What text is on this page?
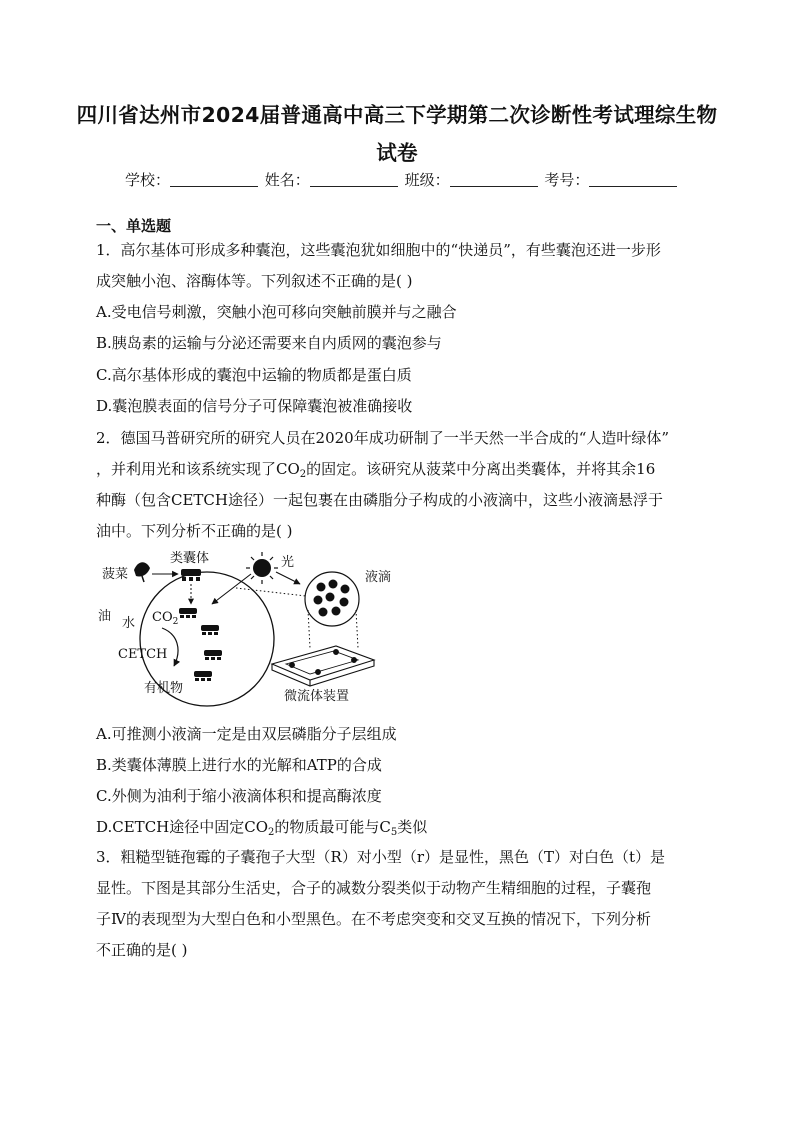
四川省达州市2024届普通高中高三下学期第二次诊断性考试理综生物
试卷
学校：	姓名：	班级：	考号：
一、单选题
1．高尔基体可形成多种囊泡，这些囊泡犹如细胞中的“快递员”，有些囊泡还进一步形
成突触小泡、溶酶体等。下列叙述不正确的是( )
A.受电信号刺激，突触小泡可移向突触前膜并与之融合
B.胰岛素的运输与分泌还需要来自内质网的囊泡参与
C.高尔基体形成的囊泡中运输的物质都是蛋白质
D.囊泡膜表面的信号分子可保障囊泡被准确接收
2．德国马普研究所的研究人员在2020年成功研制了一半天然一半合成的“人造叶绿体”
，并利用光和该系统实现了$CO_2$的固定。该研究从菠菜中分离出类囊体，并将其余16
种酶（包含CETCH途径）一起包裹在由磷脂分子构成的小液滴中，这些小液滴悬浮于
油中。下列分析不正确的是( )
菠菜
类囊体	光
液滴
油 水 $CO_2$
CETCH
有机物
微流体装置
A.可推测小液滴一定是由双层磷脂分子层组成
B.类囊体薄膜上进行水的光解和ATP的合成
C.外侧为油利于缩小液滴体积和提高酶浓度
D.CETCH途径中固定$CO_2$的物质最可能与$C_5$类似
3．粗糙型链孢霉的子囊孢子大型（R）对小型（r）是显性，黑色（T）对白色（t）是
显性。下图是其部分生活史，合子的减数分裂类似于动物产生精细胞的过程，子囊孢
子Ⅳ的表现型为大型白色和小型黑色。在不考虑突变和交叉互换的情况下，下列分析
不正确的是( )
